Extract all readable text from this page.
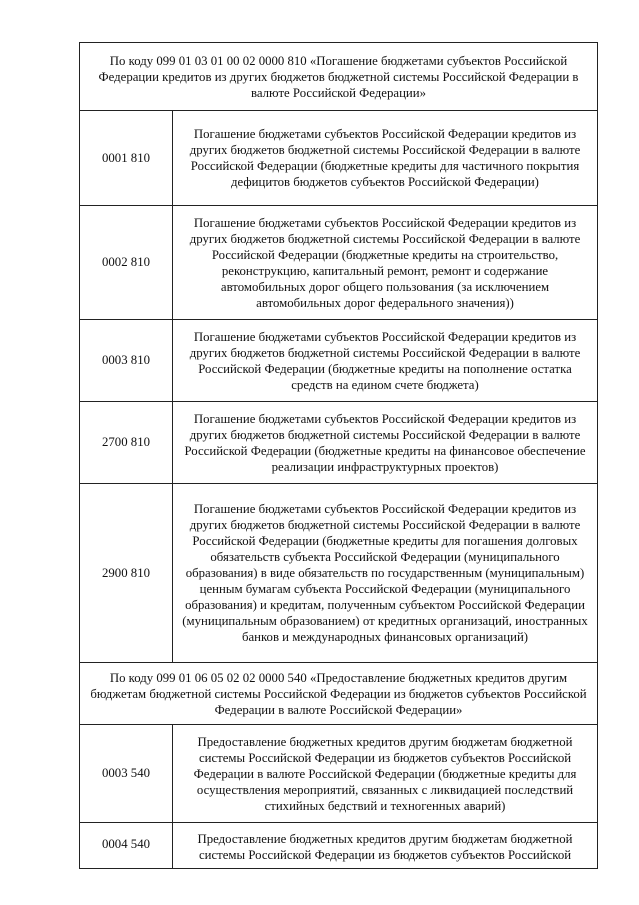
По коду 099 01 03 01 00 02 0000 810 «Погашение бюджетами субъектов Российской Федерации кредитов из других бюджетов бюджетной системы Российской Федерации в валюте Российской Федерации»	
0001 810	Погашение бюджетами субъектов Российской Федерации кредитов из других бюджетов бюджетной системы Российской Федерации в валюте Российской Федерации (бюджетные кредиты для частичного покрытия дефицитов бюджетов субъектов Российской Федерации)
0002 810	Погашение бюджетами субъектов Российской Федерации кредитов из других бюджетов бюджетной системы Российской Федерации в валюте Российской Федерации (бюджетные кредиты на строительство, реконструкцию, капитальный ремонт, ремонт и содержание автомобильных дорог общего пользования (за исключением автомобильных дорог федерального значения))
0003 810	Погашение бюджетами субъектов Российской Федерации кредитов из других бюджетов бюджетной системы Российской Федерации в валюте Российской Федерации (бюджетные кредиты на пополнение остатка средств на едином счете бюджета)
2700 810	Погашение бюджетами субъектов Российской Федерации кредитов из других бюджетов бюджетной системы Российской Федерации в валюте Российской Федерации (бюджетные кредиты на финансовое обеспечение реализации инфраструктурных проектов)
2900 810	Погашение бюджетами субъектов Российской Федерации кредитов из других бюджетов бюджетной системы Российской Федерации в валюте Российской Федерации (бюджетные кредиты для погашения долговых обязательств субъекта Российской Федерации (муниципального образования) в виде обязательств по государственным (муниципальным) ценным бумагам субъекта Российской Федерации (муниципального образования) и кредитам, полученным субъектом Российской Федерации (муниципальным образованием) от кредитных организаций, иностранных банков и международных финансовых организаций)
По коду 099 01 06 05 02 02 0000 540 «Предоставление бюджетных кредитов другим бюджетам бюджетной системы Российской Федерации из бюджетов субъектов Российской Федерации в валюте Российской Федерации»	
0003 540	Предоставление бюджетных кредитов другим бюджетам бюджетной системы Российской Федерации из бюджетов субъектов Российской Федерации в валюте Российской Федерации (бюджетные кредиты для осуществления мероприятий, связанных с ликвидацией последствий стихийных бедствий и техногенных аварий)
0004 540	Предоставление бюджетных кредитов другим бюджетам бюджетной системы Российской Федерации из бюджетов субъектов Российской
